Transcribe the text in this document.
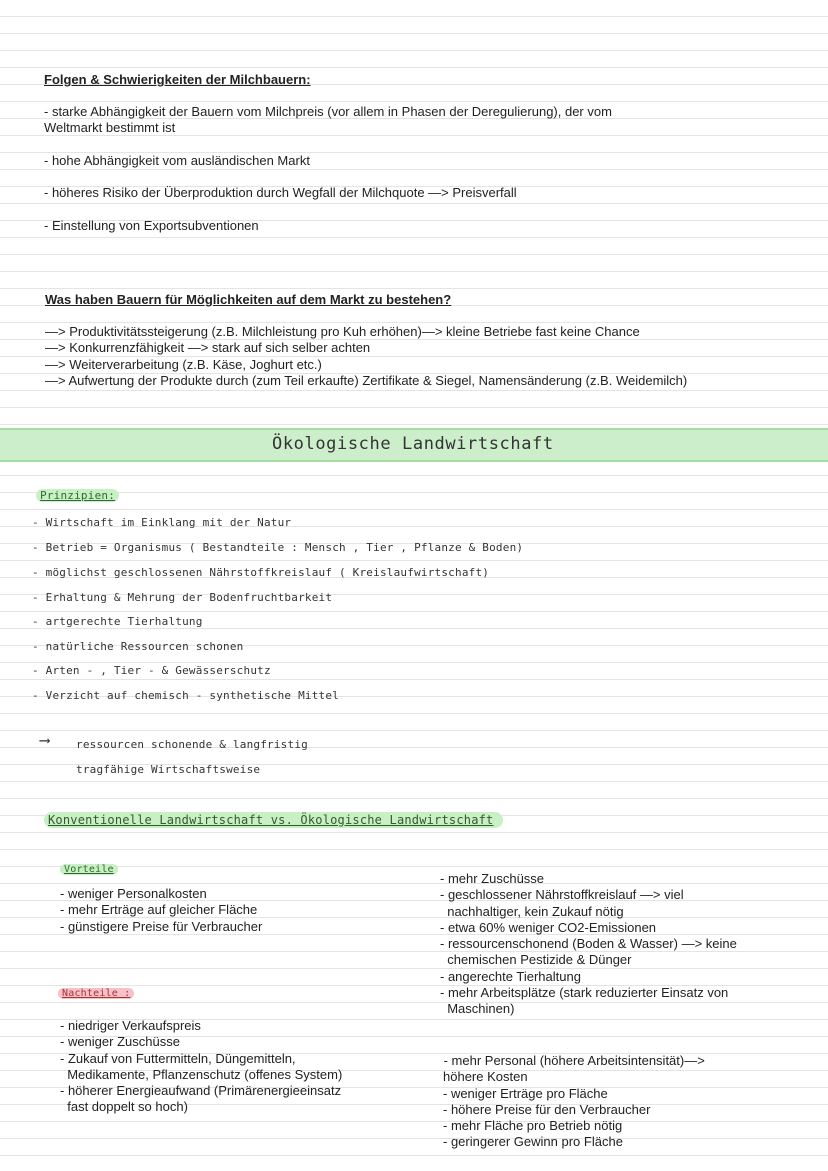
Folgen & Schwierigkeiten der Milchbauern:
- starke Abhängigkeit der Bauern vom Milchpreis (vor allem in Phasen der Deregulierung), der vom
Weltmarkt bestimmt ist
- hohe Abhängigkeit vom ausländischen Markt
- höheres Risiko der Überproduktion durch Wegfall der Milchquote —> Preisverfall
- Einstellung von Exportsubventionen
Was haben Bauern für Möglichkeiten auf dem Markt zu bestehen?
—> Produktivitätssteigerung (z.B. Milchleistung pro Kuh erhöhen)—> kleine Betriebe fast keine Chance
—> Konkurrenzfähigkeit —> stark auf sich selber achten
—> Weiterverarbeitung (z.B. Käse, Joghurt etc.)
—> Aufwertung der Produkte durch (zum Teil erkaufte) Zertifikate & Siegel, Namensänderung (z.B. Weidemilch)
Ökologische Landwirtschaft
Prinzipien:
- Wirtschaft im Einklang mit der Natur
- Betrieb = Organismus ( Bestandteile : Mensch , Tier , Pflanze & Boden)
- möglichst geschlossenen Nährstoffkreislauf ( Kreislaufwirtschaft)
- Erhaltung & Mehrung der Bodenfruchtbarkeit
- artgerechte Tierhaltung
- natürliche Ressourcen schonen
- Arten - , Tier - & Gewässerschutz
- Verzicht auf chemisch - synthetische Mittel
⟶ ressourcen schonende & langfristig
tragfähige Wirtschaftsweise
Konventionelle Landwirtschaft vs. Ökologische Landwirtschaft
Vorteile
- weniger Personalkosten
- mehr Erträge auf gleicher Fläche
- günstigere Preise für Verbraucher
Nachteile :
- niedriger Verkaufspreis
- weniger Zuschüsse
- Zukauf von Futtermitteln, Düngemitteln,
Medikamente, Pflanzenschutz (offenes System)
- höherer Energieaufwand (Primärenergieeinsatz
fast doppelt so hoch)
- mehr Zuschüsse
- geschlossener Nährstoffkreislauf —> viel
nachhaltiger, kein Zukauf nötig
- etwa 60% weniger CO2-Emissionen
- ressourcenschonend (Boden & Wasser) —> keine
chemischen Pestizide & Dünger
- angerechte Tierhaltung
- mehr Arbeitsplätze (stark reduzierter Einsatz von
Maschinen)
- mehr Personal (höhere Arbeitsintensität)—>
höhere Kosten
- weniger Erträge pro Fläche
- höhere Preise für den Verbraucher
- mehr Fläche pro Betrieb nötig
- geringerer Gewinn pro Fläche
